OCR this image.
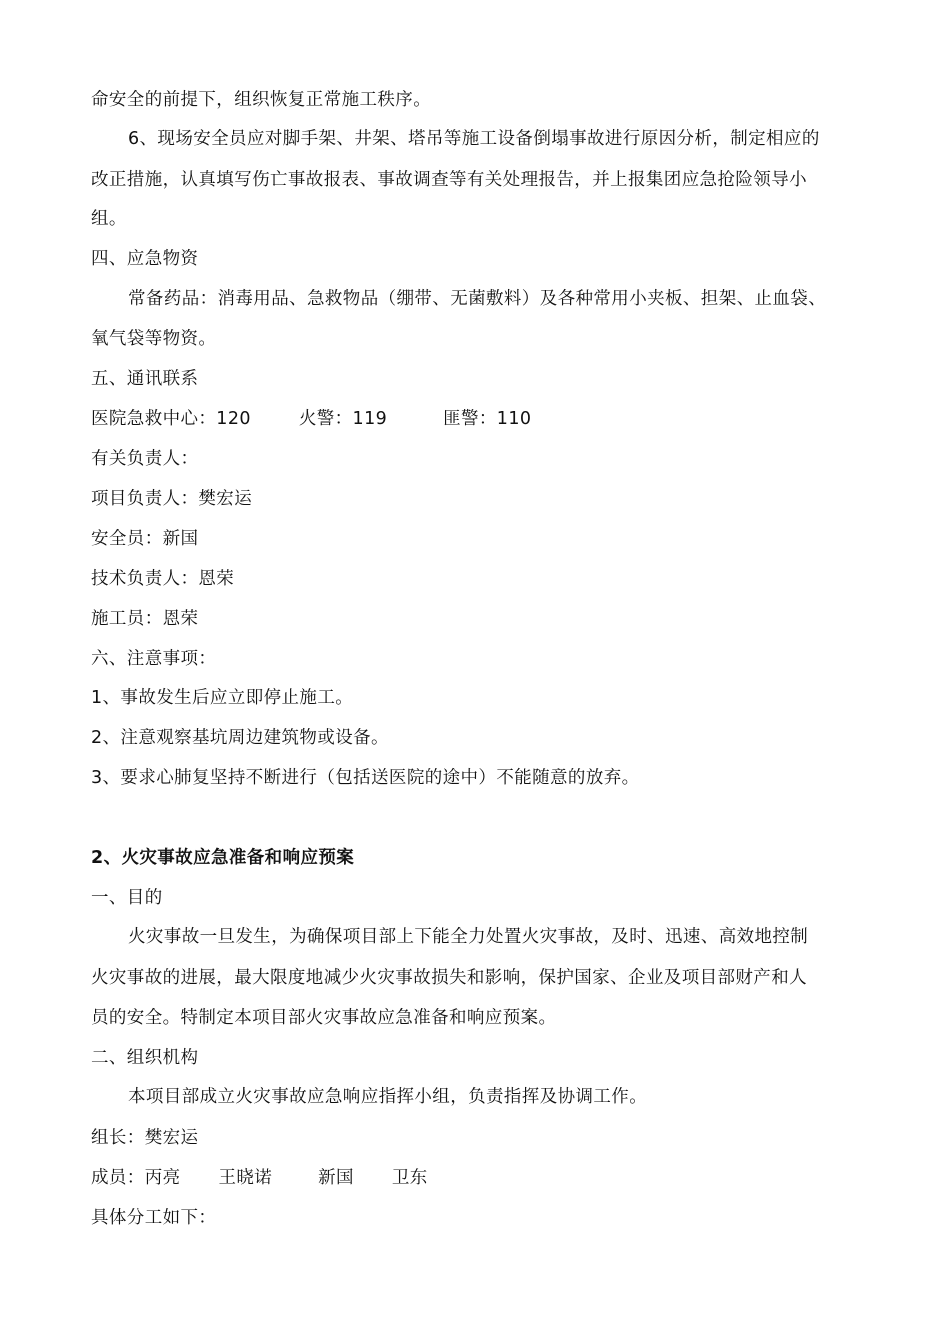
命安全的前提下，组织恢复正常施工秩序。
6、现场安全员应对脚手架、井架、塔吊等施工设备倒塌事故进行原因分析，制定相应的
改正措施，认真填写伤亡事故报表、事故调查等有关处理报告，并上报集团应急抢险领导小
组。
四、应急物资
常备药品：消毒用品、急救物品（绷带、无菌敷料）及各种常用小夹板、担架、止血袋、
氧气袋等物资。
五、通讯联系
医院急救中心：120	火警：119	匪警：110
有关负责人：
项目负责人：樊宏运
安全员：新国
技术负责人：恩荣
施工员：恩荣
六、注意事项：
1、事故发生后应立即停止施工。
2、注意观察基坑周边建筑物或设备。
3、要求心肺复坚持不断进行（包括送医院的途中）不能随意的放弃。
2、火灾事故应急准备和响应预案
一、目的
火灾事故一旦发生，为确保项目部上下能全力处置火灾事故，及时、迅速、高效地控制
火灾事故的进展，最大限度地减少火灾事故损失和影响，保护国家、企业及项目部财产和人
员的安全。特制定本项目部火灾事故应急准备和响应预案。
二、组织机构
本项目部成立火灾事故应急响应指挥小组，负责指挥及协调工作。
组长：樊宏运
成员：丙亮 王晓诺	新国 卫东
具体分工如下：
